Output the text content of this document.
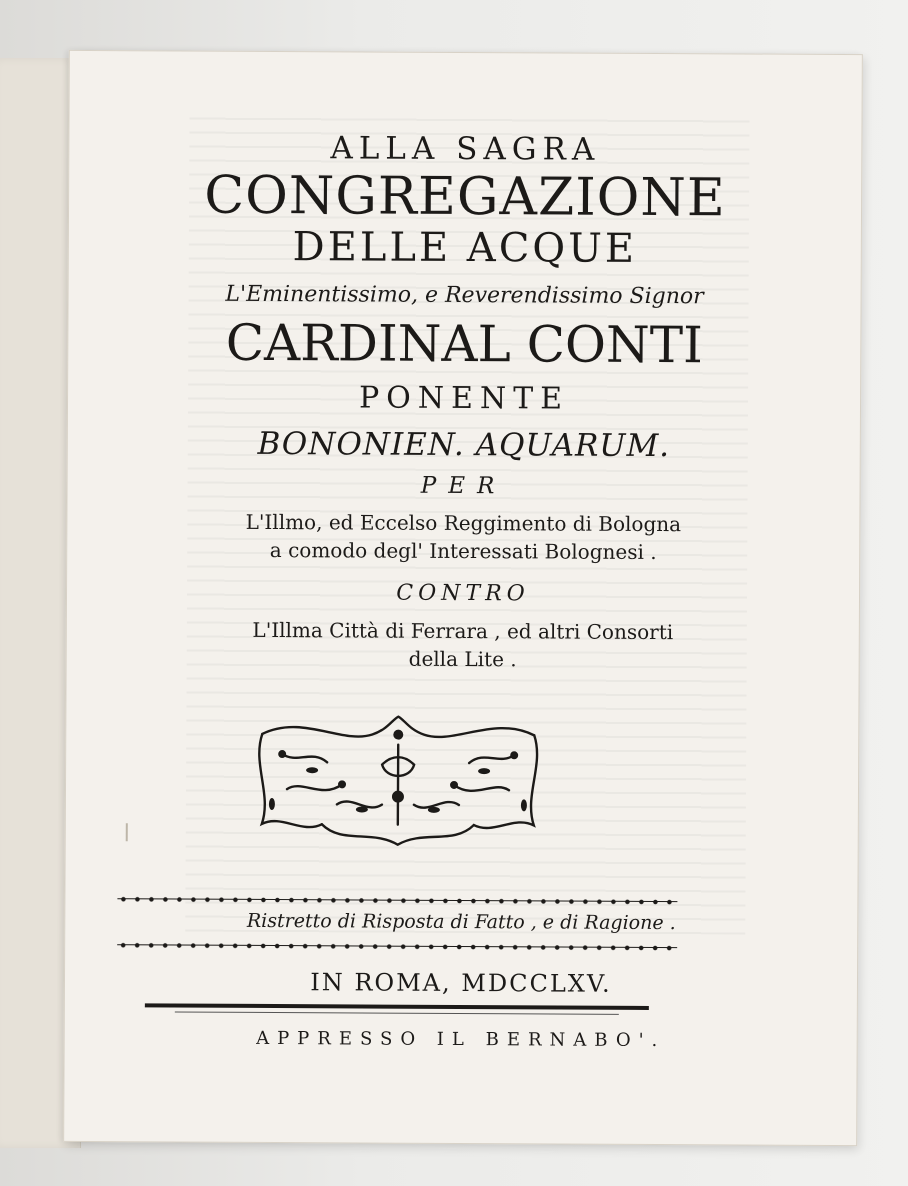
ALLA SAGRA
CONGREGAZIONE
DELLE ACQUE
L'Eminentissimo, e Reverendissimo Signor
CARDINAL CONTI
PONENTE
BONONIEN. AQUARUM.
PER
L'Illmo, ed Eccelso Reggimento di Bologna
a comodo degl' Interessati Bolognesi .
CONTRO
L'Illma Città di Ferrara , ed altri Consorti
della Lite .
Ristretto di Risposta di Fatto , e di Ragione .
IN ROMA, MDCCLXV.
APPRESSO IL BERNABO'.
